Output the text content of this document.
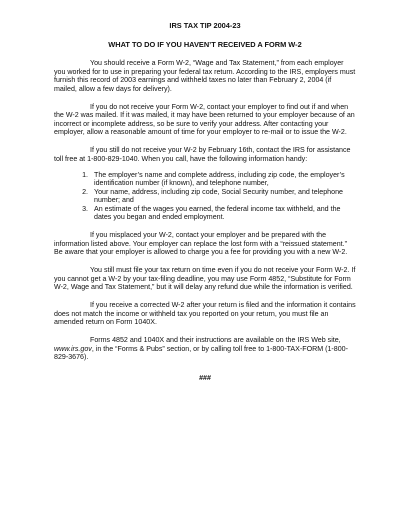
IRS TAX TIP 2004-23
WHAT TO DO IF YOU HAVEN’T RECEIVED A FORM W-2

You should receive a Form W-2, “Wage and Tax Statement,” from each employer you worked for to use in preparing your federal tax return. According to the IRS, employers must furnish this record of 2003 earnings and withheld taxes no later than February 2, 2004 (if mailed, allow a few days for delivery).

If you do not receive your Form W-2, contact your employer to find out if and when the W-2 was mailed. If it was mailed, it may have been returned to your employer because of an incorrect or incomplete address, so be sure to verify your address. After contacting your employer, allow a reasonable amount of time for your employer to re-mail or to issue the W-2.

If you still do not receive your W-2 by February 16th, contact the IRS for assistance toll free at 1-800-829-1040. When you call, have the following information handy:

1. The employer’s name and complete address, including zip code, the employer’s identification number (if known), and telephone number,
2. Your name, address, including zip code, Social Security number, and telephone number; and
3. An estimate of the wages you earned, the federal income tax withheld, and the dates you began and ended employment.

If you misplaced your W-2, contact your employer and be prepared with the information listed above. Your employer can replace the lost form with a “reissued statement.” Be aware that your employer is allowed to charge you a fee for providing you with a new W-2.

You still must file your tax return on time even if you do not receive your Form W-2. If you cannot get a W-2 by your tax-filing deadline, you may use Form 4852, “Substitute for Form W-2, Wage and Tax Statement,” but it will delay any refund due while the information is verified.

If you receive a corrected W-2 after your return is filed and the information it contains does not match the income or withheld tax you reported on your return, you must file an amended return on Form 1040X.

Forms 4852 and 1040X and their instructions are available on the IRS Web site, www.irs.gov, in the “Forms & Pubs” section, or by calling toll free to 1-800-TAX-FORM (1-800-829-3676).

###
